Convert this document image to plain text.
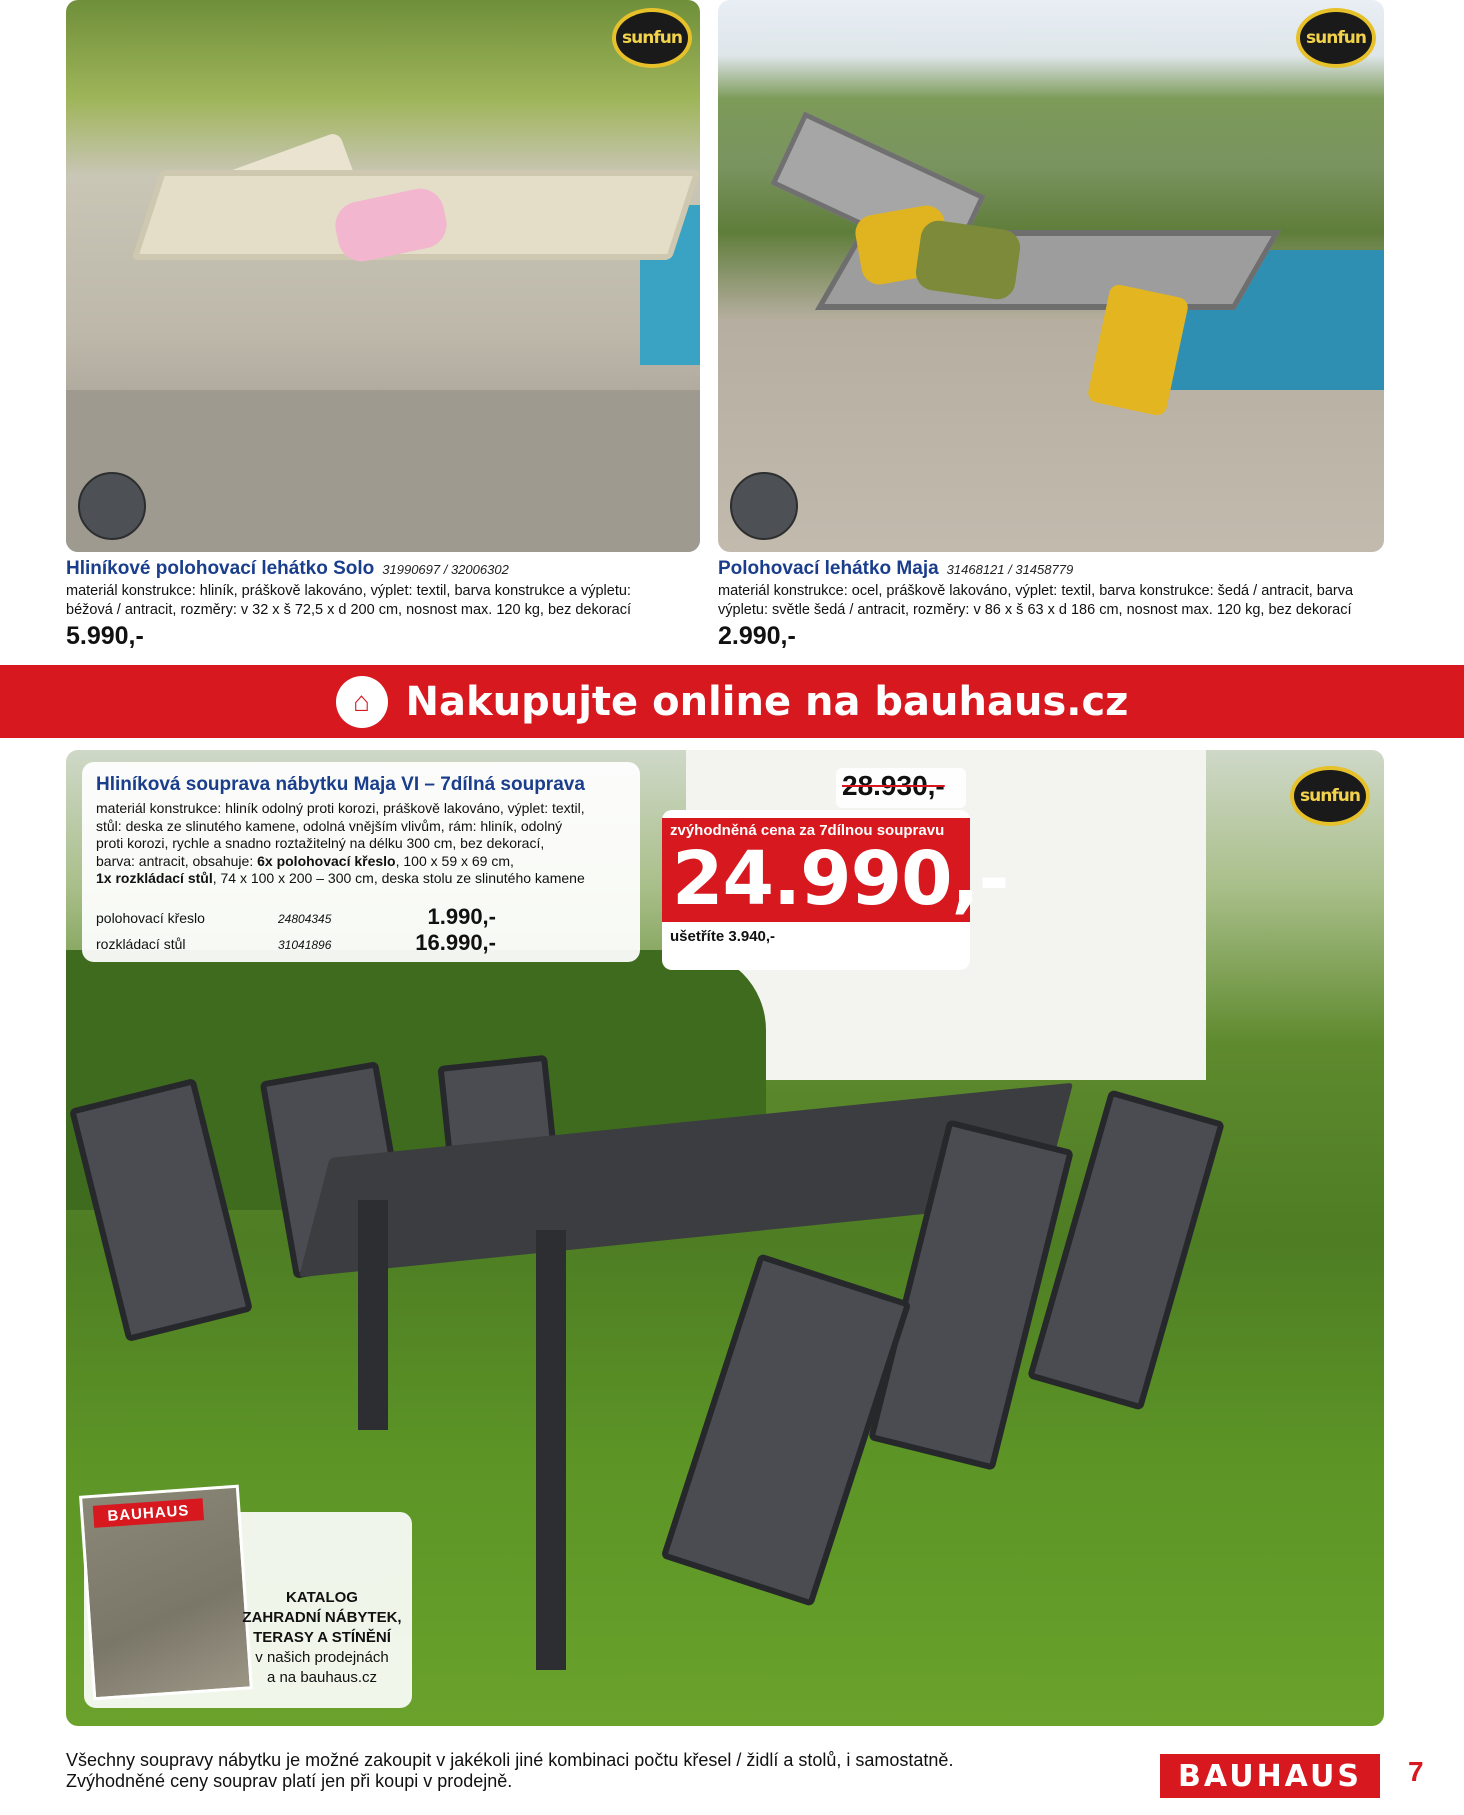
sunfun	sunfun
Hliníkové polohovací lehátko Solo 31990697 / 32006302
materiál konstrukce: hliník, práškově lakováno, výplet: textil, barva konstrukce a výpletu:
béžová / antracit, rozměry: v 32 x š 72,5 x d 200 cm, nosnost max. 120 kg, bez dekorací
5.990,-
Polohovací lehátko Maja 31468121 / 31458779
materiál konstrukce: ocel, práškově lakováno, výplet: textil, barva konstrukce: šedá / antracit, barva
výpletu: světle šedá / antracit, rozměry: v 86 x š 63 x d 186 cm, nosnost max. 120 kg, bez dekorací
2.990,-
⌂ Nakupujte online na bauhaus.cz
sunfun
Hliníková souprava nábytku Maja VI – 7dílná souprava
materiál konstrukce: hliník odolný proti korozi, práškově lakováno, výplet: textil,
stůl: deska ze slinutého kamene, odolná vnějším vlivům, rám: hliník, odolný
proti korozi, rychle a snadno roztažitelný na délku 300 cm, bez dekorací,
barva: antracit, obsahuje: 6x polohovací křeslo, 100 x 59 x 69 cm,
1x rozkládací stůl, 74 x 100 x 200 – 300 cm, deska stolu ze slinutého kamene
polohovací křeslo	24804345	1.990,-
rozkládací stůl	31041896	16.990,-
28.930,-
zvýhodněná cena za 7dílnou soupravu
24.990,-
ušetříte 3.940,-
BAUHAUS
KATALOG
ZAHRADNÍ NÁBYTEK,
TERASY A STÍNĚNÍ
v našich prodejnách
a na bauhaus.cz
Všechny soupravy nábytku je možné zakoupit v jakékoli jiné kombinaci počtu křesel / židlí a stolů, i samostatně.
Zvýhodněné ceny souprav platí jen při koupi v prodejně.	BAUHAUS	7
